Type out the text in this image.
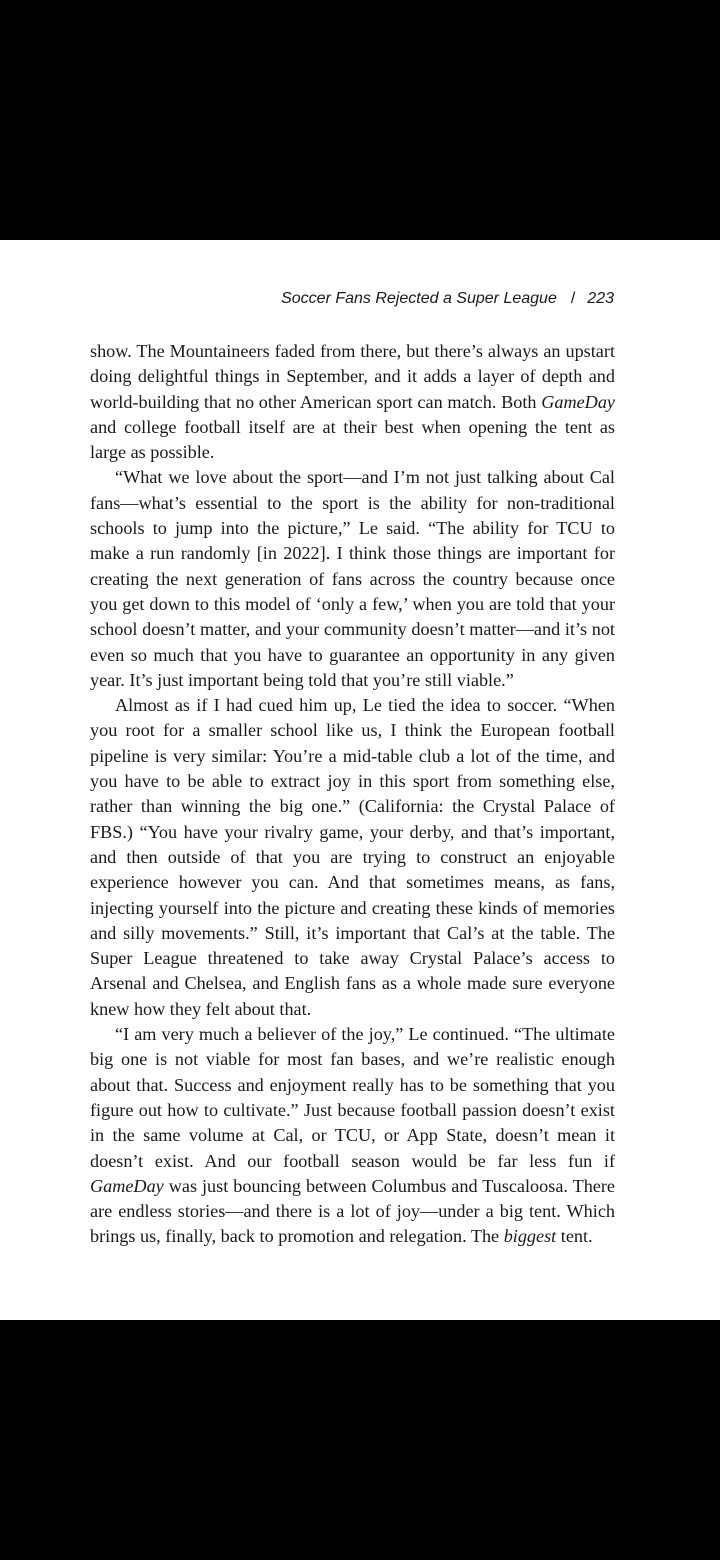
Soccer Fans Rejected a Super League / 223

show. The Mountaineers faded from there, but there’s always an upstart doing delightful things in September, and it adds a layer of depth and world-building that no other American sport can match. Both GameDay and college football itself are at their best when opening the tent as large as possible.

“What we love about the sport—and I’m not just talking about Cal fans—what’s essential to the sport is the ability for non-traditional schools to jump into the picture,” Le said. “The ability for TCU to make a run randomly [in 2022]. I think those things are important for creating the next generation of fans across the country because once you get down to this model of ‘only a few,’ when you are told that your school doesn’t matter, and your community doesn’t matter—and it’s not even so much that you have to guarantee an opportunity in any given year. It’s just important being told that you’re still viable.”

Almost as if I had cued him up, Le tied the idea to soccer. “When you root for a smaller school like us, I think the European football pipeline is very similar: You’re a mid-table club a lot of the time, and you have to be able to extract joy in this sport from something else, rather than winning the big one.” (California: the Crystal Palace of FBS.) “You have your rivalry game, your derby, and that’s important, and then outside of that you are trying to construct an enjoyable experience however you can. And that sometimes means, as fans, injecting yourself into the picture and creating these kinds of memories and silly movements.” Still, it’s important that Cal’s at the table. The Super League threatened to take away Crystal Palace’s access to Arsenal and Chelsea, and English fans as a whole made sure everyone knew how they felt about that.

“I am very much a believer of the joy,” Le continued. “The ultimate big one is not viable for most fan bases, and we’re realistic enough about that. Success and enjoyment really has to be something that you figure out how to cultivate.” Just because football passion doesn’t exist in the same volume at Cal, or TCU, or App State, doesn’t mean it doesn’t exist. And our football season would be far less fun if GameDay was just bouncing between Columbus and Tuscaloosa. There are endless stories—and there is a lot of joy—under a big tent. Which brings us, finally, back to promotion and relegation. The biggest tent.
